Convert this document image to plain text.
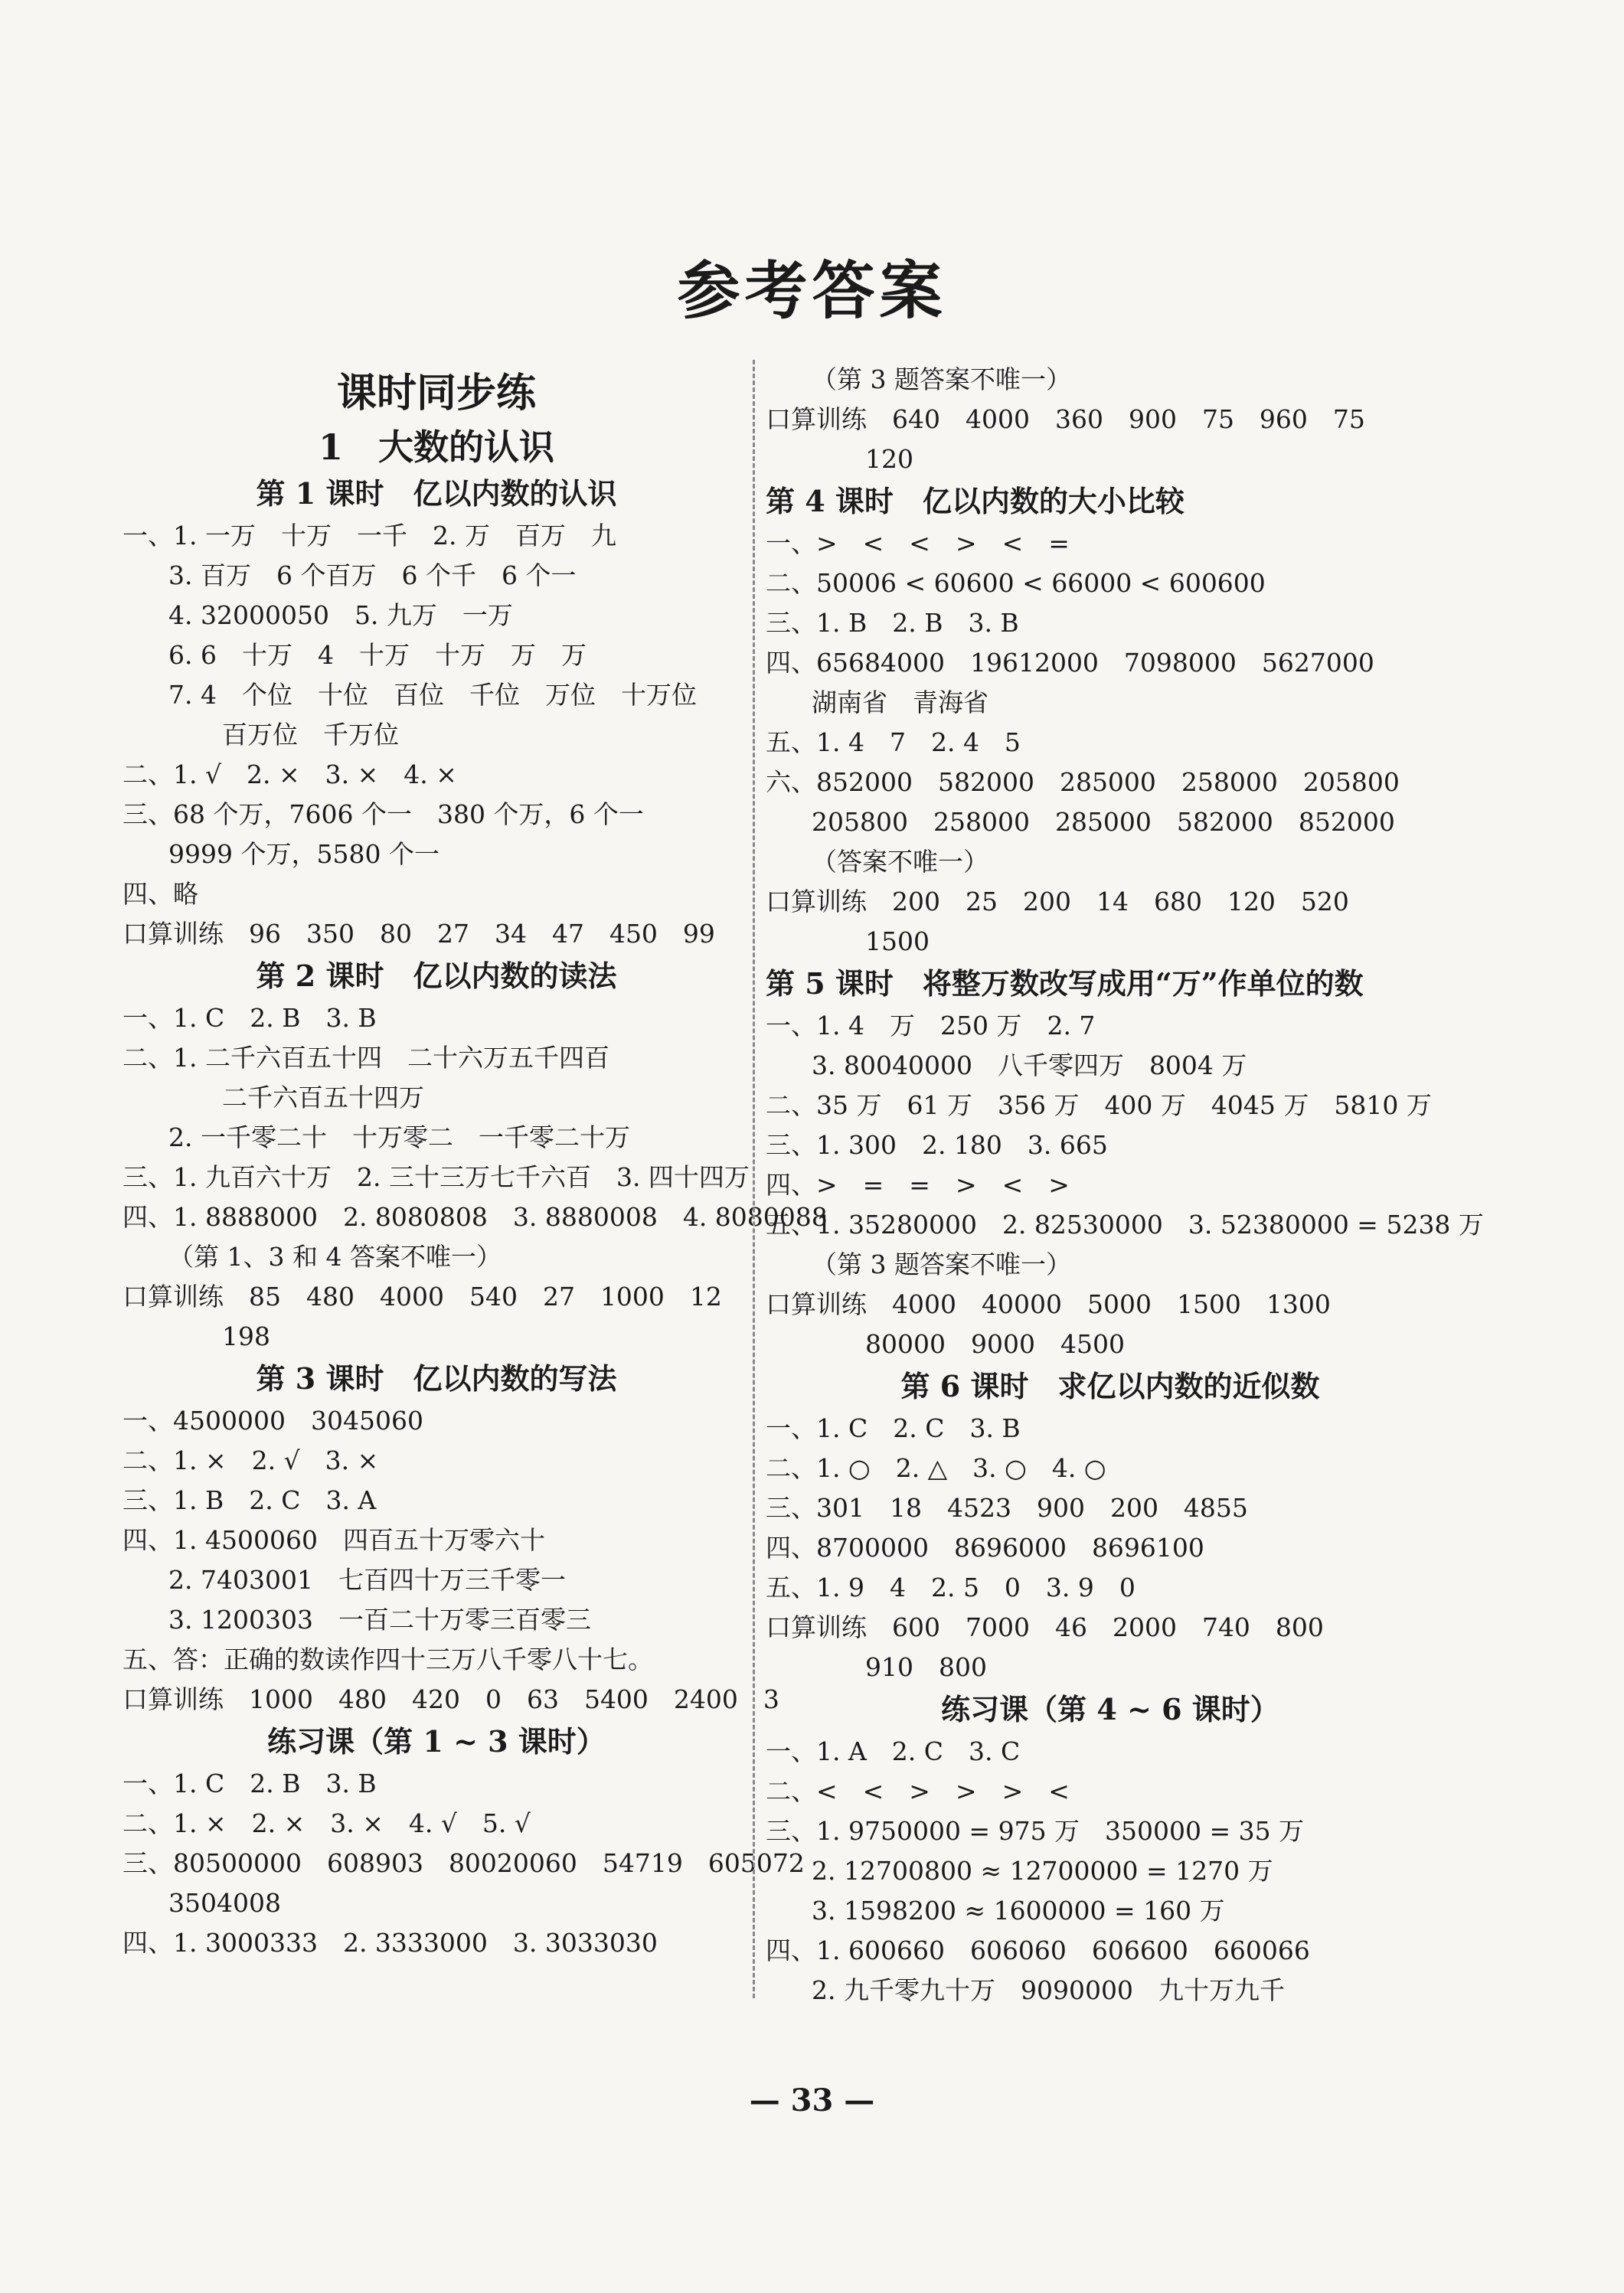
参考答案
课时同步练
1　大数的认识
第 1 课时　亿以内数的认识
一、1. 一万　十万　一千　2. 万　百万　九
3. 百万　6 个百万　6 个千　6 个一
4. 32000050　5. 九万　一万
6. 6　十万　4　十万　十万　万　万
7. 4　个位　十位　百位　千位　万位　十万位
百万位　千万位
二、1. √　2. ×　3. ×　4. ×
三、68 个万，7606 个一　380 个万，6 个一
9999 个万，5580 个一
四、略
口算训练　96　350　80　27　34　47　450　99
第 2 课时　亿以内数的读法
一、1. C　2. B　3. B
二、1. 二千六百五十四　二十六万五千四百
二千六百五十四万
2. 一千零二十　十万零二　一千零二十万
三、1. 九百六十万　2. 三十三万七千六百　3. 四十四万
四、1. 8888000　2. 8080808　3. 8880008　4. 8080088
（第 1、3 和 4 答案不唯一）
口算训练　85　480　4000　540　27　1000　12
198
第 3 课时　亿以内数的写法
一、4500000　3045060
二、1. ×　2. √　3. ×
三、1. B　2. C　3. A
四、1. 4500060　四百五十万零六十
2. 7403001　七百四十万三千零一
3. 1200303　一百二十万零三百零三
五、答：正确的数读作四十三万八千零八十七。
口算训练　1000　480　420　0　63　5400　2400　3
练习课（第 1 ~ 3 课时）
一、1. C　2. B　3. B
二、1. ×　2. ×　3. ×　4. √　5. √
三、80500000　608903　80020060　54719　605072
3504008
四、1. 3000333　2. 3333000　3. 3033030
（第 3 题答案不唯一）
口算训练　640　4000　360　900　75　960　75
120
第 4 课时　亿以内数的大小比较
一、>　<　<　>　<　=
二、50006 < 60600 < 66000 < 600600
三、1. B　2. B　3. B
四、65684000　19612000　7098000　5627000
湖南省　青海省
五、1. 4　7　2. 4　5
六、852000　582000　285000　258000　205800
205800　258000　285000　582000　852000
（答案不唯一）
口算训练　200　25　200　14　680　120　520
1500
第 5 课时　将整万数改写成用“万”作单位的数
一、1. 4　万　250 万　2. 7
3. 80040000　八千零四万　8004 万
二、35 万　61 万　356 万　400 万　4045 万　5810 万
三、1. 300　2. 180　3. 665
四、>　=　=　>　<　>
五、1. 35280000　2. 82530000　3. 52380000 = 5238 万
（第 3 题答案不唯一）
口算训练　4000　40000　5000　1500　1300
80000　9000　4500
第 6 课时　求亿以内数的近似数
一、1. C　2. C　3. B
二、1. ○　2. △　3. ○　4. ○
三、301　18　4523　900　200　4855
四、8700000　8696000　8696100
五、1. 9　4　2. 5　0　3. 9　0
口算训练　600　7000　46　2000　740　800
910　800
练习课（第 4 ~ 6 课时）
一、1. A　2. C　3. C
二、<　<　>　>　>　<
三、1. 9750000 = 975 万　350000 = 35 万
2. 12700800 ≈ 12700000 = 1270 万
3. 1598200 ≈ 1600000 = 160 万
四、1. 600660　606060　606600　660066
2. 九千零九十万　9090000　九十万九千
— 33 —
